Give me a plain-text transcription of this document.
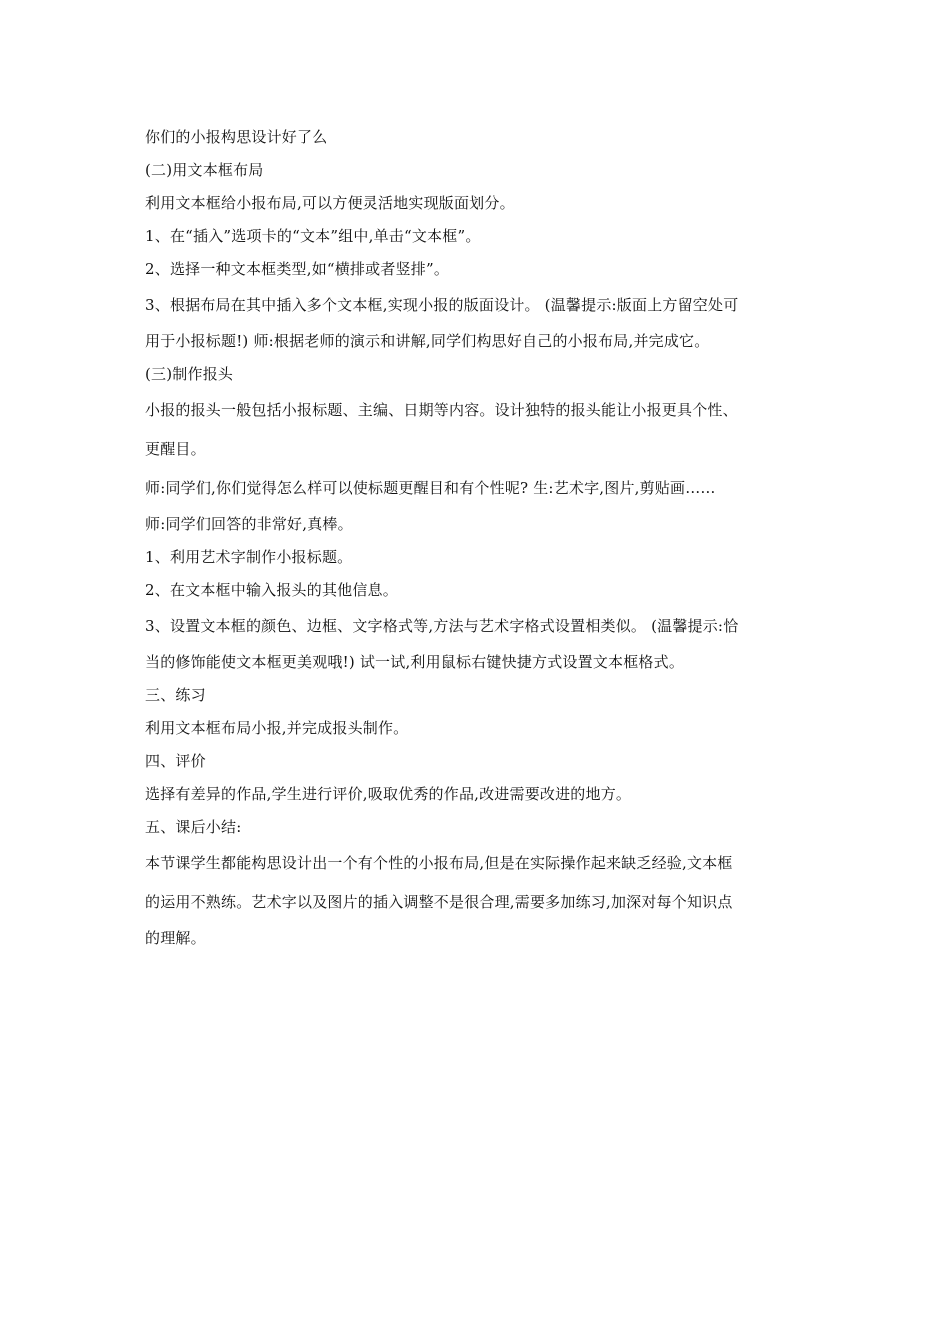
你们的小报构思设计好了么

(二)用文本框布局

利用文本框给小报布局,可以方便灵活地实现版面划分。

1、在“插入”选项卡的“文本”组中,单击“文本框”。

2、选择一种文本框类型,如“横排或者竖排”。

3、根据布局在其中插入多个文本框,实现小报的版面设计。 (温馨提示:版面上方留空处可

用于小报标题!) 师:根据老师的演示和讲解,同学们构思好自己的小报布局,并完成它。

(三)制作报头

小报的报头一般包括小报标题、主编、日期等内容。设计独特的报头能让小报更具个性、

更醒目。

师:同学们,你们觉得怎么样可以使标题更醒目和有个性呢? 生:艺术字,图片,剪贴画……

师:同学们回答的非常好,真棒。

1、利用艺术字制作小报标题。

2、在文本框中输入报头的其他信息。

3、设置文本框的颜色、边框、文字格式等,方法与艺术字格式设置相类似。 (温馨提示:恰

当的修饰能使文本框更美观哦!) 试一试,利用鼠标右键快捷方式设置文本框格式。

三、练习

利用文本框布局小报,并完成报头制作。

四、评价

选择有差异的作品,学生进行评价,吸取优秀的作品,改进需要改进的地方。

五、课后小结:

本节课学生都能构思设计出一个有个性的小报布局,但是在实际操作起来缺乏经验,文本框

的运用不熟练。艺术字以及图片的插入调整不是很合理,需要多加练习,加深对每个知识点

的理解。
